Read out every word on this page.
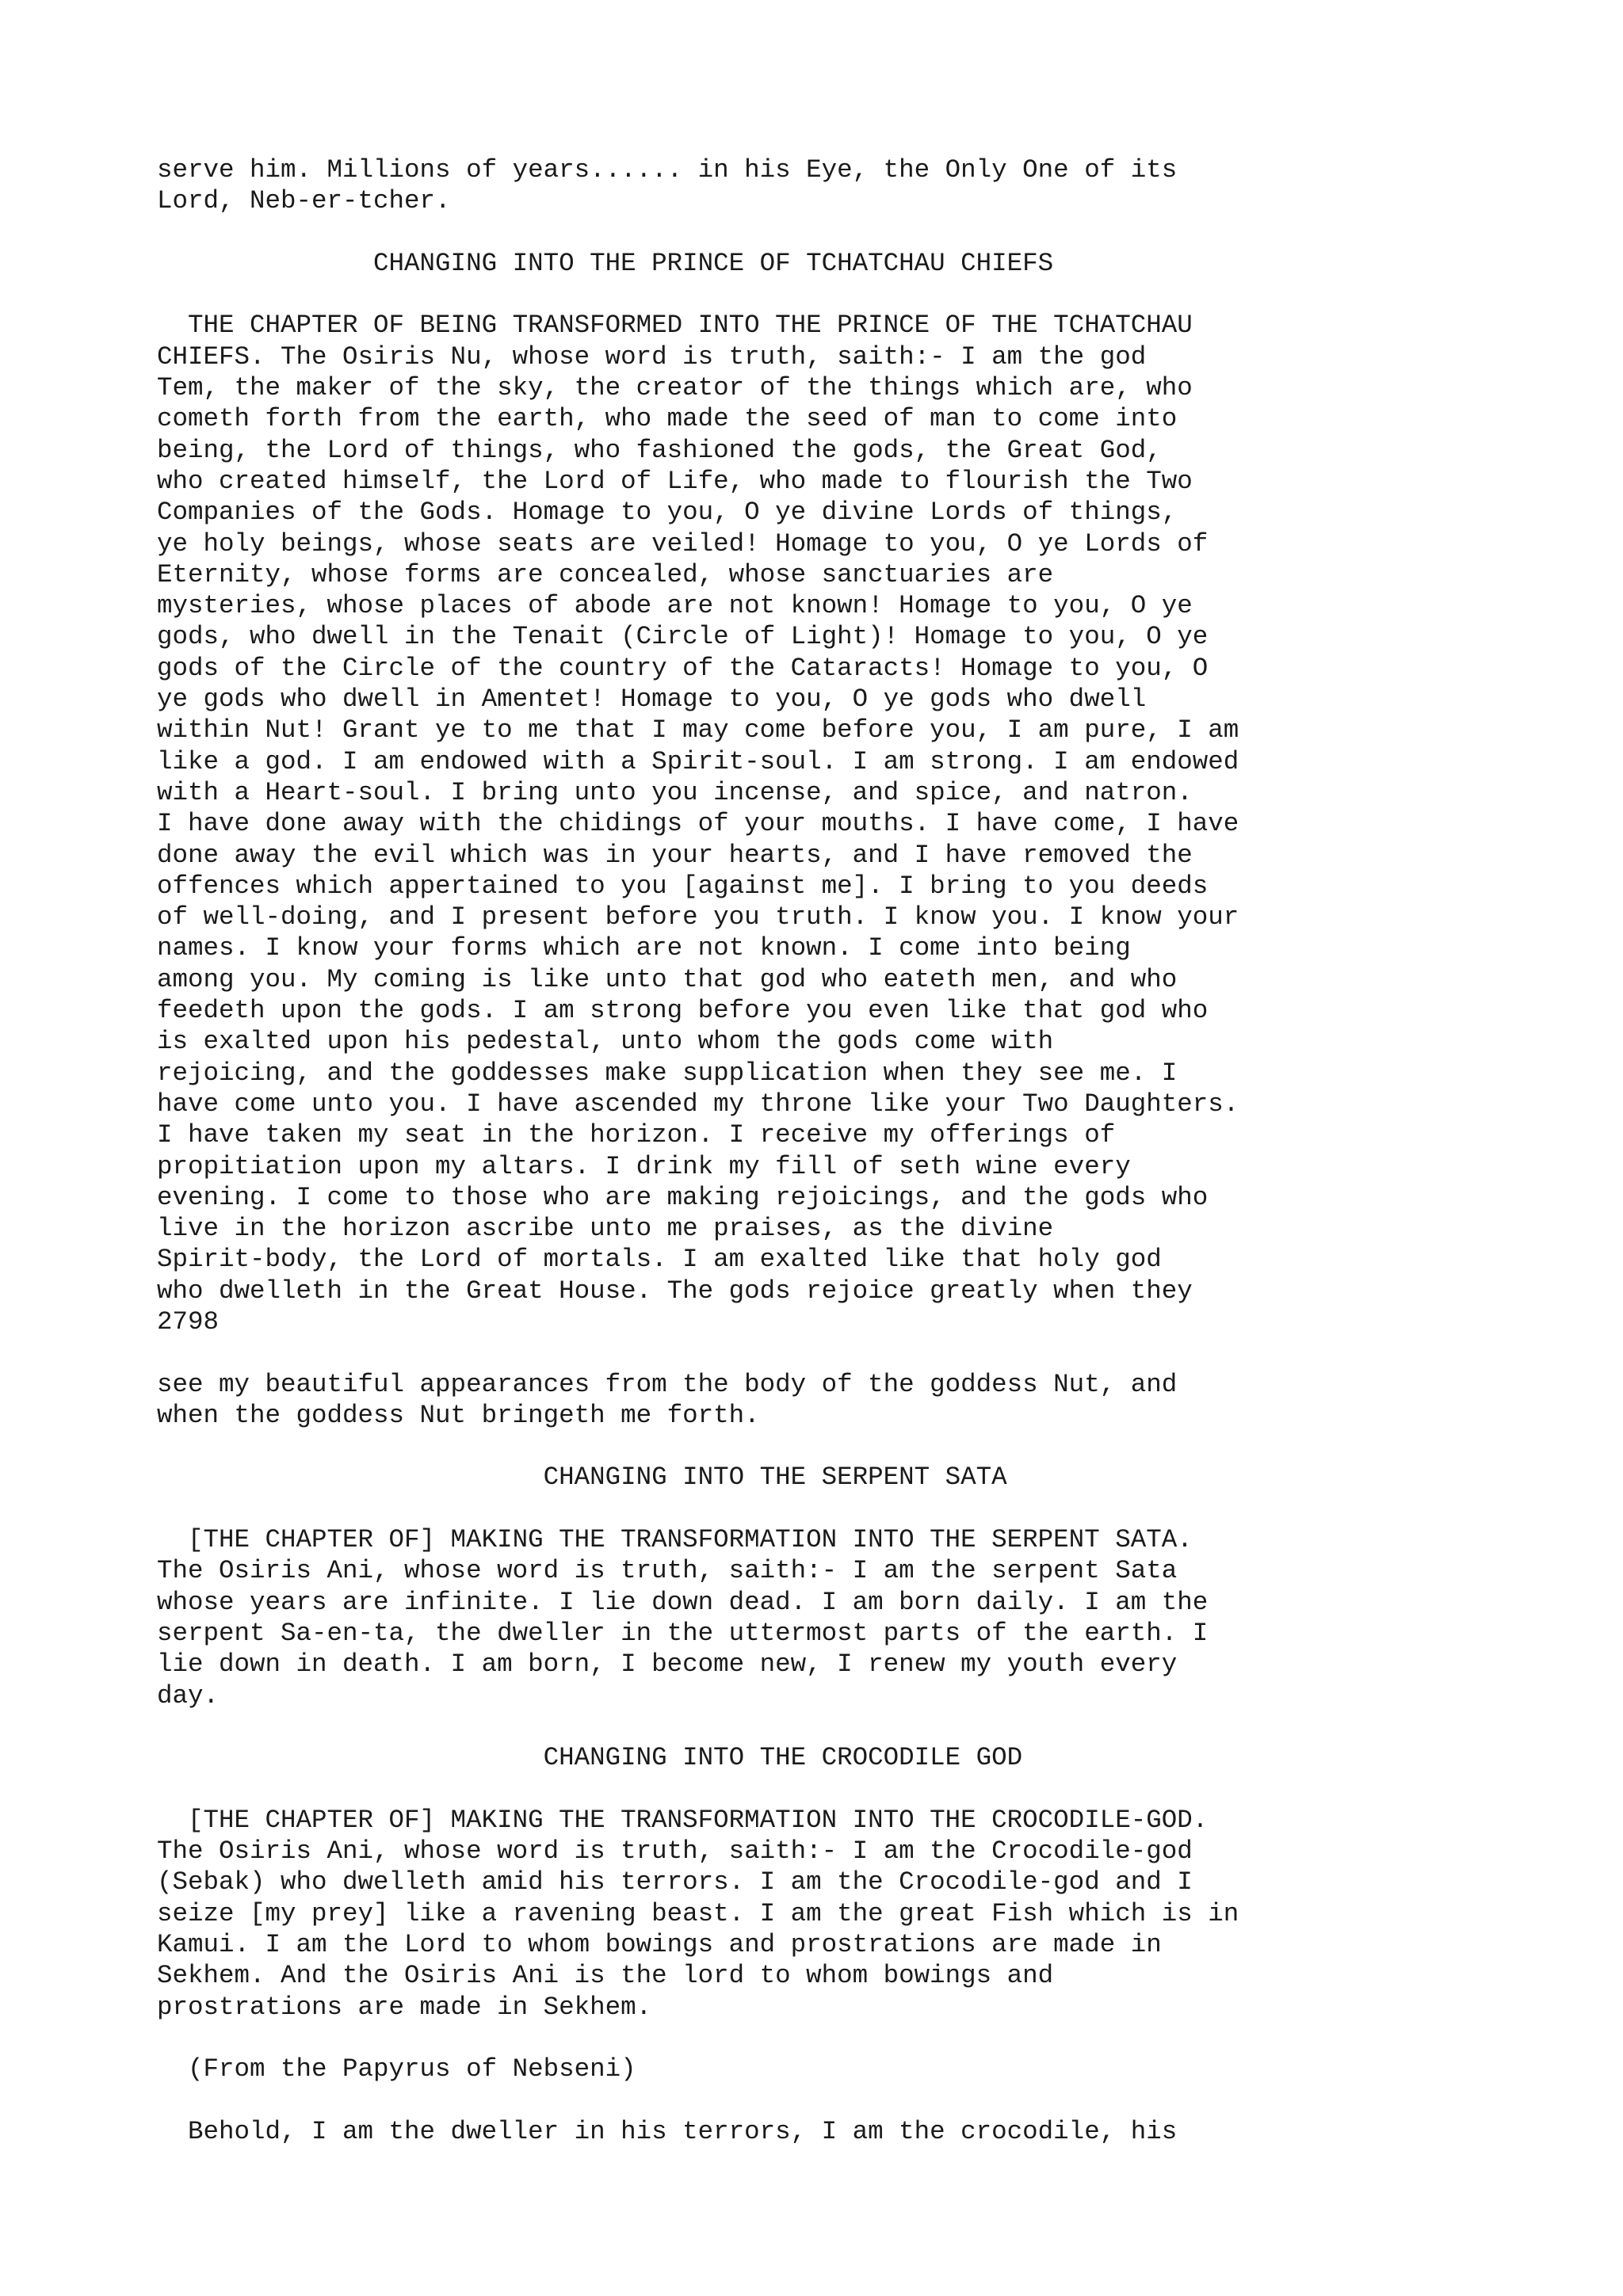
serve him. Millions of years...... in his Eye, the Only One of its
Lord, Neb-er-tcher.
CHANGING INTO THE PRINCE OF TCHATCHAU CHIEFS
THE CHAPTER OF BEING TRANSFORMED INTO THE PRINCE OF THE TCHATCHAU
CHIEFS. The Osiris Nu, whose word is truth, saith:- I am the god
Tem, the maker of the sky, the creator of the things which are, who
cometh forth from the earth, who made the seed of man to come into
being, the Lord of things, who fashioned the gods, the Great God,
who created himself, the Lord of Life, who made to flourish the Two
Companies of the Gods. Homage to you, O ye divine Lords of things,
ye holy beings, whose seats are veiled! Homage to you, O ye Lords of
Eternity, whose forms are concealed, whose sanctuaries are
mysteries, whose places of abode are not known! Homage to you, O ye
gods, who dwell in the Tenait (Circle of Light)! Homage to you, O ye
gods of the Circle of the country of the Cataracts! Homage to you, O
ye gods who dwell in Amentet! Homage to you, O ye gods who dwell
within Nut! Grant ye to me that I may come before you, I am pure, I am
like a god. I am endowed with a Spirit-soul. I am strong. I am endowed
with a Heart-soul. I bring unto you incense, and spice, and natron.
I have done away with the chidings of your mouths. I have come, I have
done away the evil which was in your hearts, and I have removed the
offences which appertained to you [against me]. I bring to you deeds
of well-doing, and I present before you truth. I know you. I know your
names. I know your forms which are not known. I come into being
among you. My coming is like unto that god who eateth men, and who
feedeth upon the gods. I am strong before you even like that god who
is exalted upon his pedestal, unto whom the gods come with
rejoicing, and the goddesses make supplication when they see me. I
have come unto you. I have ascended my throne like your Two Daughters.
I have taken my seat in the horizon. I receive my offerings of
propitiation upon my altars. I drink my fill of seth wine every
evening. I come to those who are making rejoicings, and the gods who
live in the horizon ascribe unto me praises, as the divine
Spirit-body, the Lord of mortals. I am exalted like that holy god
who dwelleth in the Great House. The gods rejoice greatly when they
2798
see my beautiful appearances from the body of the goddess Nut, and
when the goddess Nut bringeth me forth.
CHANGING INTO THE SERPENT SATA
[THE CHAPTER OF] MAKING THE TRANSFORMATION INTO THE SERPENT SATA.
The Osiris Ani, whose word is truth, saith:- I am the serpent Sata
whose years are infinite. I lie down dead. I am born daily. I am the
serpent Sa-en-ta, the dweller in the uttermost parts of the earth. I
lie down in death. I am born, I become new, I renew my youth every
day.
CHANGING INTO THE CROCODILE GOD
[THE CHAPTER OF] MAKING THE TRANSFORMATION INTO THE CROCODILE-GOD.
The Osiris Ani, whose word is truth, saith:- I am the Crocodile-god
(Sebak) who dwelleth amid his terrors. I am the Crocodile-god and I
seize [my prey] like a ravening beast. I am the great Fish which is in
Kamui. I am the Lord to whom bowings and prostrations are made in
Sekhem. And the Osiris Ani is the lord to whom bowings and
prostrations are made in Sekhem.
(From the Papyrus of Nebseni)
Behold, I am the dweller in his terrors, I am the crocodile, his
